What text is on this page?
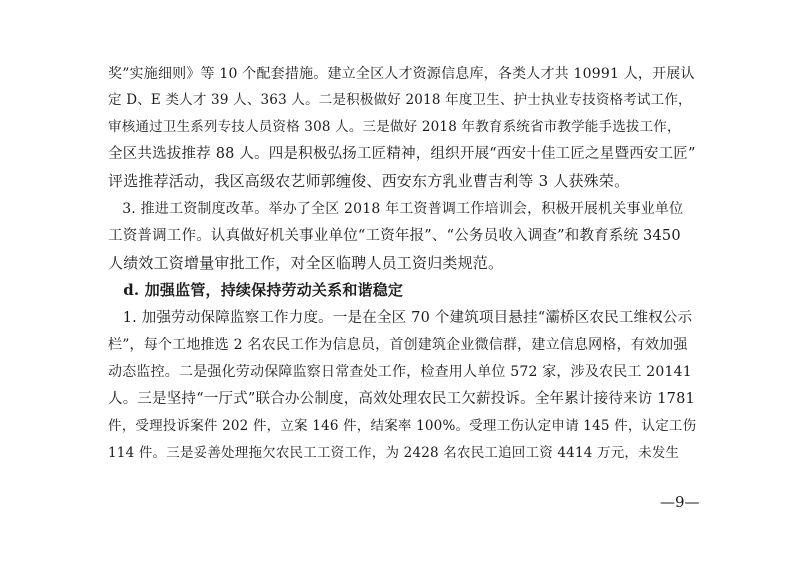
奖”实施细则》等 10 个配套措施。建立全区人才资源信息库，各类人才共 10991 人，开展认
定 D、E 类人才 39 人、363 人。二是积极做好 2018 年度卫生、护士执业专技资格考试工作，
审核通过卫生系列专技人员资格 308 人。三是做好 2018 年教育系统省市教学能手选拔工作，
全区共选拔推荐 88 人。四是积极弘扬工匠精神，组织开展“西安十佳工匠之星暨西安工匠”
评选推荐活动，我区高级农艺师郭缠俊、西安东方乳业曹吉利等 3 人获殊荣。
　3. 推进工资制度改革。举办了全区 2018 年工资普调工作培训会，积极开展机关事业单位
工资普调工作。认真做好机关事业单位“工资年报”、“公务员收入调查”和教育系统 3450
人绩效工资增量审批工作，对全区临聘人员工资归类规范。
　d. 加强监管，持续保持劳动关系和谐稳定
　1. 加强劳动保障监察工作力度。一是在全区 70 个建筑项目悬挂“灞桥区农民工维权公示
栏”，每个工地推选 2 名农民工作为信息员，首创建筑企业微信群，建立信息网格，有效加强
动态监控。二是强化劳动保障监察日常查处工作，检查用人单位 572 家，涉及农民工 20141
人。三是坚持“一厅式”联合办公制度，高效处理农民工欠薪投诉。全年累计接待来访 1781
件，受理投诉案件 202 件，立案 146 件，结案率 100%。受理工伤认定申请 145 件，认定工伤
114 件。三是妥善处理拖欠农民工工资工作，为 2428 名农民工追回工资 4414 万元，未发生
—9—
